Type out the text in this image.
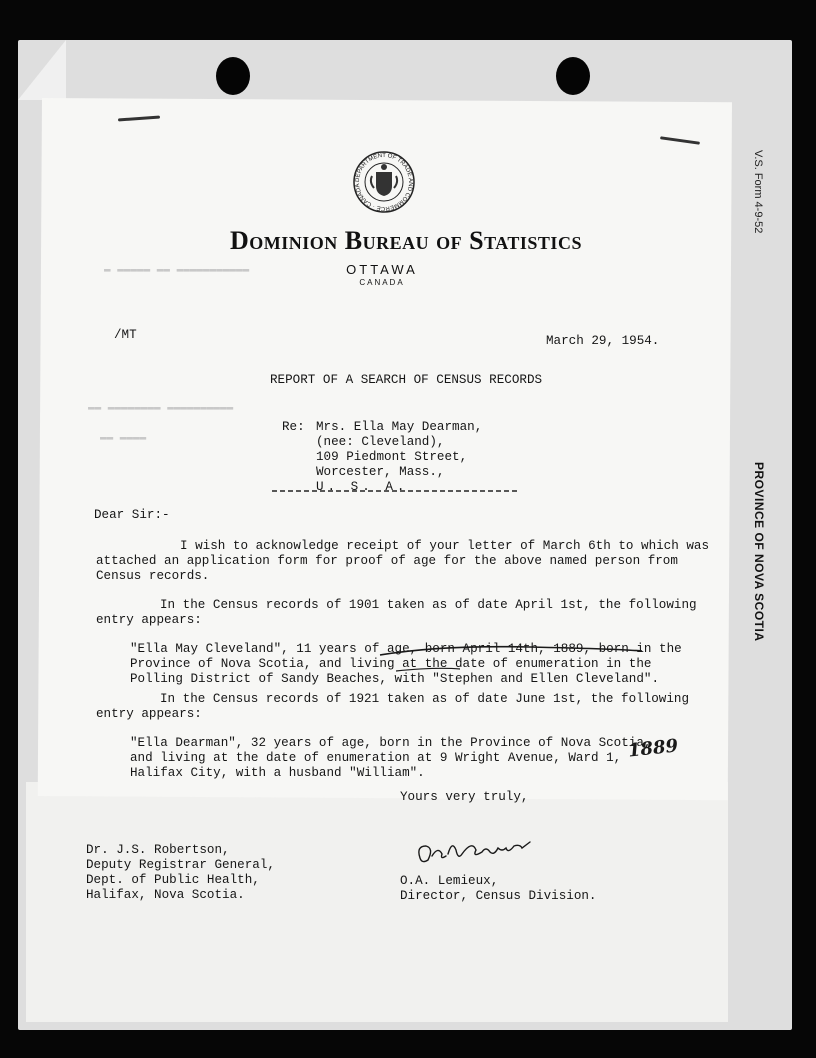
V.S. Form 4-9-52
PROVINCE OF NOVA SCOTIA
▬ ▬▬▬▬▬ ▬▬ ▬▬▬▬▬▬▬▬▬▬▬
▬▬ ▬▬▬▬▬▬▬▬ ▬▬▬▬▬▬▬▬▬▬
▬▬ ▬▬▬▬
DEPARTMENT OF TRADE AND COMMERCE · CANADA
Dominion Bureau of Statistics
OTTAWA
CANADA
/MT	March 29, 1954.
REPORT OF A SEARCH OF CENSUS RECORDS
Re: Mrs. Ella May Dearman,
(nee: Cleveland),
109 Piedmont Street,
Worcester, Mass.,
U. S. A.
Dear Sir:-
I wish to acknowledge receipt of your letter of March 6th to which was
attached an application form for proof of age for the above named person from
Census records.
In the Census records of 1901 taken as of date April 1st, the following
entry appears:
"Ella May Cleveland", 11 years of age, born April 14th, 1889, born in the
Province of Nova Scotia, and living at the date of enumeration in the
Polling District of Sandy Beaches, with "Stephen and Ellen Cleveland".
In the Census records of 1921 taken as of date June 1st, the following
entry appears:
"Ella Dearman", 32 years of age, born in the Province of Nova Scotia,
and living at the date of enumeration at 9 Wright Avenue, Ward 1,
Halifax City, with a husband "William".
1889
Yours very truly,
Dr. J.S. Robertson,
Deputy Registrar General,
Dept. of Public Health,
Halifax, Nova Scotia.
O.A. Lemieux,
Director, Census Division.
